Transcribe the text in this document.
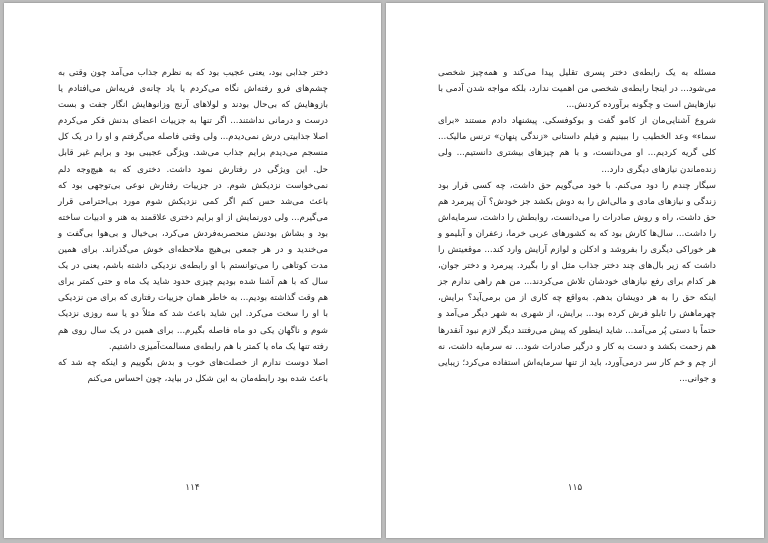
دختر جذابی بود، یعنی عجیب بود که به نظرم جذاب می‌آمد چون وقتی به چشم‌های فرو رفته‌اش نگاه می‌کردم یا یاد چانه‌ی فریه‌اش می‌افتادم یا بازوهایش که بی‌حال بودند و لولاهای آرنج وزانوهایش انگار جفت و بست درست و درمانی نداشتند... اگر تنها به جزییات اعضای بدنش فکر می‌کردم اصلا جذابیتی درش نمی‌دیدم... ولی وقتی فاصله می‌گرفتم و او را در یک کل منسجم می‌دیدم برایم جذاب می‌شد. ویژگی عجیبی بود و برایم غیر قابل حل. این ویژگی در رفتارش نمود داشت. دختری که به هیچ‌وجه دلم نمی‌خواست نزدیکش شوم. در جزییات رفتارش نوعی بی‌توجهی بود که باعث می‌شد حس کنم اگر کمی نزدیکش شوم مورد بی‌احترامی قرار می‌گیرم... ولی دورنمایش از او برایم دختری علاقمند به هنر و ادبیات ساخته بود و بشاش بودنش منحصربه‌فردش می‌کرد، بی‌خیال و بی‌هوا بی‌گفت و می‌خندید و در هر جمعی بی‌هیچ ملاحظه‌ای خوش می‌گذراند. برای همین مدت کوتاهی را می‌توانستم با او رابطه‌ی نزدیکی داشته باشم، یعنی در یک سال که با هم آشنا شده بودیم چیزی حدود شاید یک ماه و حتی کمتر برای هم وقت گذاشته بودیم... به خاطر همان جزییات رفتاری که برای من نزدیکی با او را سخت می‌کرد. این شاید باعث شد که مثلاً دو یا سه روزی نزدیک شوم و ناگهان یکی دو ماه فاصله بگیرم... برای همین در یک سال روی هم رفته تنها یک ماه یا کمتر با هم رابطه‌ی مسالمت‌آمیزی داشتیم.

اصلا دوست ندارم از خصلت‌های خوب و بدش بگوییم و اینکه چه شد که باعث شده بود رابطه‌مان به این شکل در بیاید، چون احساس می‌کنم

۱۱۴

مسئله به یک رابطه‌ی دختر پسری تقلیل پیدا می‌کند و همه‌چیز شخصی می‌شود... در اینجا رابطه‌ی شخصی من اهمیت ندارد، بلکه مواجه شدن آدمی با نیازهایش است و چگونه برآورده کردنش...

شروع آشنایی‌مان از کامو گفت و بوکوفسکی. پیشنهاد دادم مستند «برای سماء» وعد الخطیب را ببینیم و فیلم داستانی «زندگی پنهان» ترنس مالیک... کلی گریه کردیم... او می‌دانست، و با هم چیزهای بیشتری دانستیم... ولی زنده‌ماندن نیازهای دیگری دارد...

سیگار چندم را دود می‌کنم. با خود می‌گویم حق داشت، چه کسی قرار بود زندگی و نیازهای مادی و مالی‌اش را به دوش بکشد جز خودش؟ آن پیرمرد هم حق داشت، راه و روش صادرات را می‌دانست، روابطش را داشت، سرمایه‌اش را داشت... سال‌ها کارش بود که به کشورهای عربی خرما، زعفران و آبلیمو و هر خوراکی دیگری را بفروشد و ادکلن و لوازم آرایش وارد کند... موقعیتش را داشت که زیر بال‌های چند دختر جذاب مثل او را بگیرد. پیرمرد و دختر جوان، هر کدام برای رفع نیازهای خودشان تلاش می‌کردند... من هم راهی ندارم جز اینکه حق را به هر دویشان بدهم. به‌واقع چه کاری از من برمی‌آید؟ برایش، چهرماهش را تابلو فرش کرده بود... برایش، از شهری به شهر دیگر می‌آمد و حتماً با دستی پُر می‌آمد... شاید اینطور که پیش می‌رفتند دیگر لازم نبود آنقدرها هم زحمت بکشد و دست به کار و درگیر صادرات شود... نه سرمایه داشت، نه از چم و خم کار سر درمی‌آورد، باید از تنها سرمایه‌اش استفاده می‌کرد؛ زیبایی و جوانی...

۱۱۵
